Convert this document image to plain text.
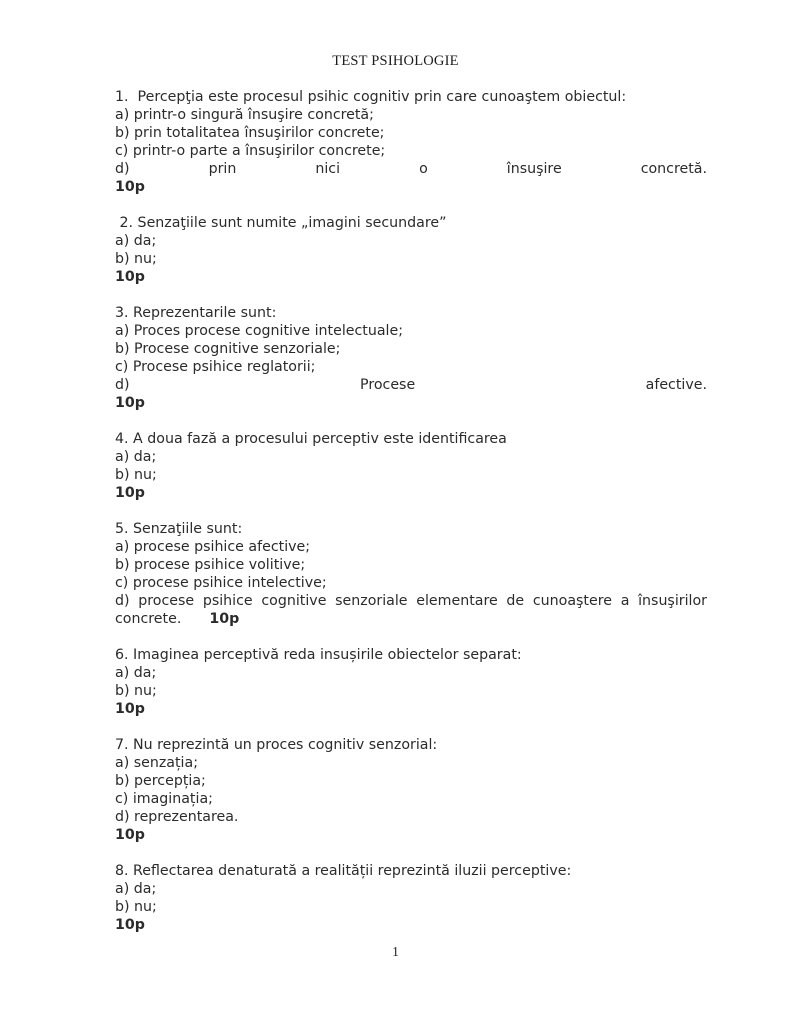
TEST PSIHOLOGIE
1.  Percepţia este procesul psihic cognitiv prin care cunoaştem obiectul:
a) printr-o singură însuşire concretă;
b) prin totalitatea însuşirilor concrete;
c) printr-o parte a însuşirilor concrete;
d) prin nici o însuşire concretă.
10p
2. Senzaţiile sunt numite „imagini secundare”
a) da;
b) nu;
10p
3. Reprezentarile sunt:
a) Proces procese cognitive intelectuale;
b) Procese cognitive senzoriale;
c) Procese psihice reglatorii;
d) Procese afective.
10p
4. A doua fază a procesului perceptiv este identificarea
a) da;
b) nu;
10p
5. Senzaţiile sunt:
a) procese psihice afective;
b) procese psihice volitive;
c) procese psihice intelective;
d) procese psihice cognitive senzoriale elementare de cunoaştere a însuşirilor concrete. 10p
6. Imaginea perceptivă reda insușirile obiectelor separat:
a) da;
b) nu;
10p
7. Nu reprezintă un proces cognitiv senzorial:
a) senzația;
b) percepția;
c) imaginația;
d) reprezentarea.
10p
8. Reflectarea denaturată a realității reprezintă iluzii perceptive:
a) da;
b) nu;
10p
1
